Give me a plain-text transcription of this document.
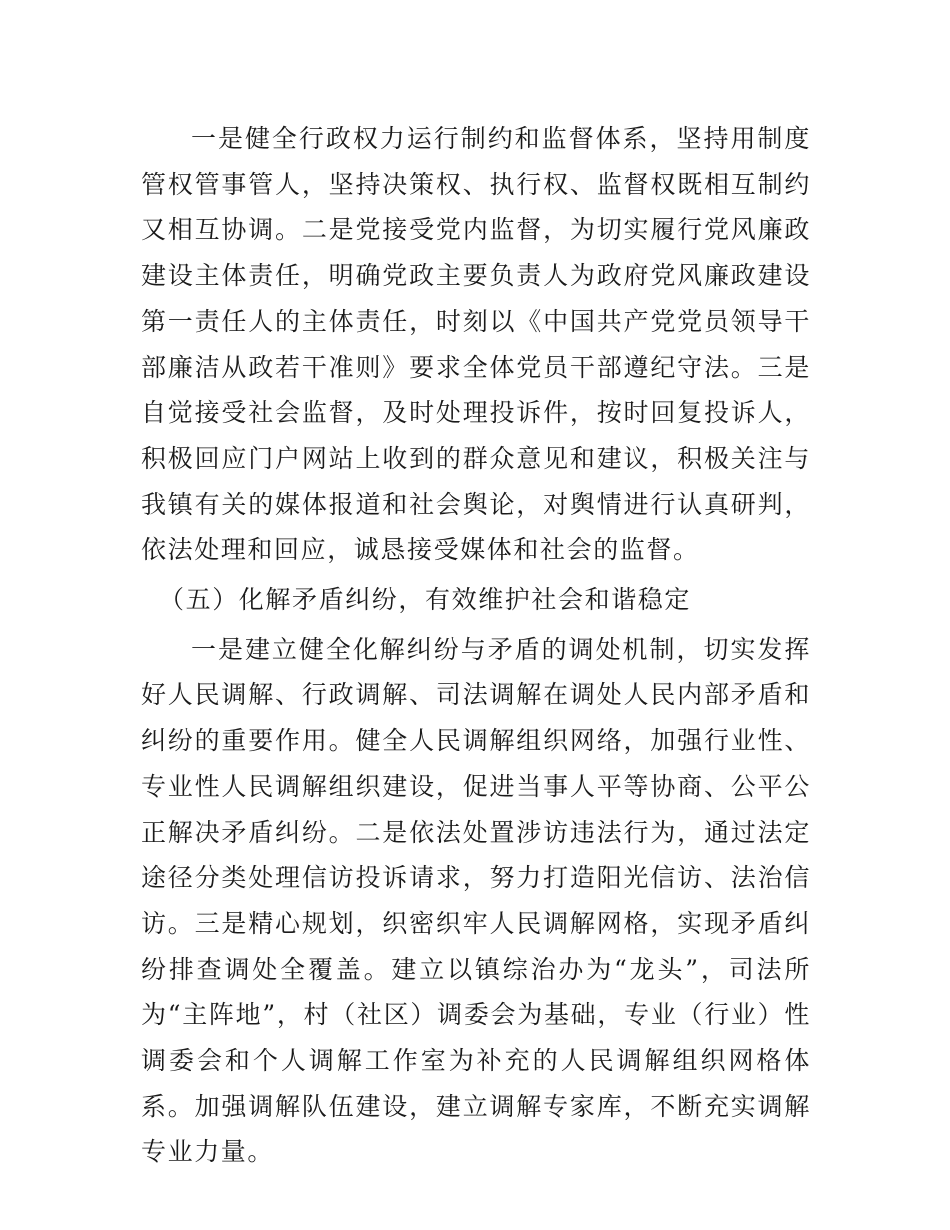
一是健全行政权力运行制约和监督体系，坚持用制度管权管事管人，坚持决策权、执行权、监督权既相互制约又相互协调。二是党接受党内监督，为切实履行党风廉政建设主体责任，明确党政主要负责人为政府党风廉政建设第一责任人的主体责任，时刻以《中国共产党党员领导干部廉洁从政若干准则》要求全体党员干部遵纪守法。三是自觉接受社会监督，及时处理投诉件，按时回复投诉人，积极回应门户网站上收到的群众意见和建议，积极关注与我镇有关的媒体报道和社会舆论，对舆情进行认真研判，依法处理和回应，诚恳接受媒体和社会的监督。

（五）化解矛盾纠纷，有效维护社会和谐稳定

一是建立健全化解纠纷与矛盾的调处机制，切实发挥好人民调解、行政调解、司法调解在调处人民内部矛盾和纠纷的重要作用。健全人民调解组织网络，加强行业性、专业性人民调解组织建设，促进当事人平等协商、公平公正解决矛盾纠纷。二是依法处置涉访违法行为，通过法定途径分类处理信访投诉请求，努力打造阳光信访、法治信访。三是精心规划，织密织牢人民调解网格，实现矛盾纠纷排查调处全覆盖。建立以镇综治办为“龙头”，司法所为“主阵地”，村（社区）调委会为基础，专业（行业）性调委会和个人调解工作室为补充的人民调解组织网格体系。加强调解队伍建设，建立调解专家库，不断充实调解专业力量。
